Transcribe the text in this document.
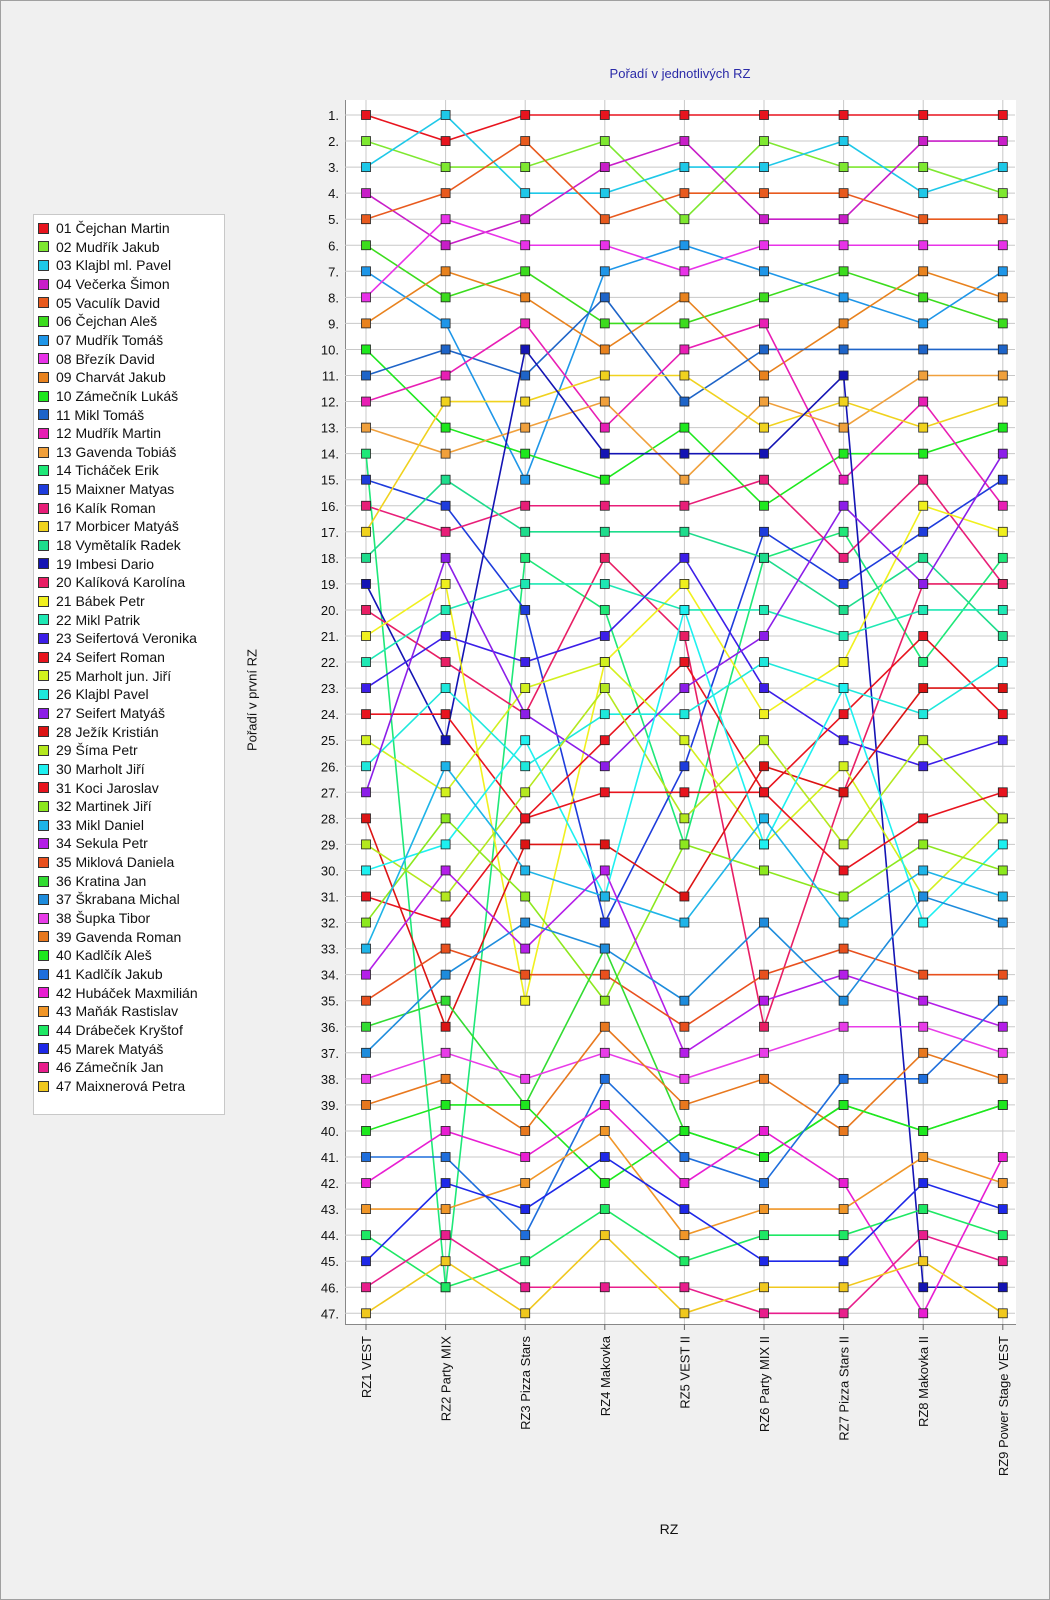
Pořadí v jednotlivých RZ
Pořadí v první RZ
RZ
01 Čejchan Martin
02 Mudřík Jakub
03 Klajbl ml. Pavel
04 Večerka Šimon
05 Vaculík David
06 Čejchan Aleš
07 Mudřík Tomáš
08 Březík David
09 Charvát Jakub
10 Zámečník Lukáš
11 Mikl Tomáš
12 Mudřík Martin
13 Gavenda Tobiáš
14 Ticháček Erik
15 Maixner Matyas
16 Kalík Roman
17 Morbicer Matyáš
18 Vymětalík Radek
19 Imbesi Dario
20 Kalíková Karolína
21 Bábek Petr
22 Mikl Patrik
23 Seifertová Veronika
24 Seifert Roman
25 Marholt jun. Jiří
26 Klajbl Pavel
27 Seifert Matyáš
28 Ježík Kristián
29 Šíma Petr
30 Marholt Jiří
31 Koci Jaroslav
32 Martinek Jiří
33 Mikl Daniel
34 Sekula Petr
35 Miklová Daniela
36 Kratina Jan
37 Škrabana Michal
38 Šupka Tibor
39 Gavenda Roman
40 Kadlčík Aleš
41 Kadlčík Jakub
42 Hubáček Maxmilián
43 Maňák Rastislav
44 Drábeček Kryštof
45 Marek Matyáš
46 Zámečník Jan
47 Maixnerová Petra
1.
2.
3.
4.
5.
6.
7.
8.
9.
10.
11.
12.
13.
14.
15.
16.
17.
18.
19.
20.
21.
22.
23.
24.
25.
26.
27.
28.
29.
30.
31.
32.
33.
34.
35.
36.
37.
38.
39.
40.
41.
42.
43.
44.
45.
46.
47.
RZ1 VEST	RZ2 Party MIX	RZ3 Pizza Stars	RZ4 Makovka	RZ5 VEST II	RZ6 Party MIX II	RZ7 Pizza Stars II	RZ8 Makovka II	RZ9 Power Stage VEST
